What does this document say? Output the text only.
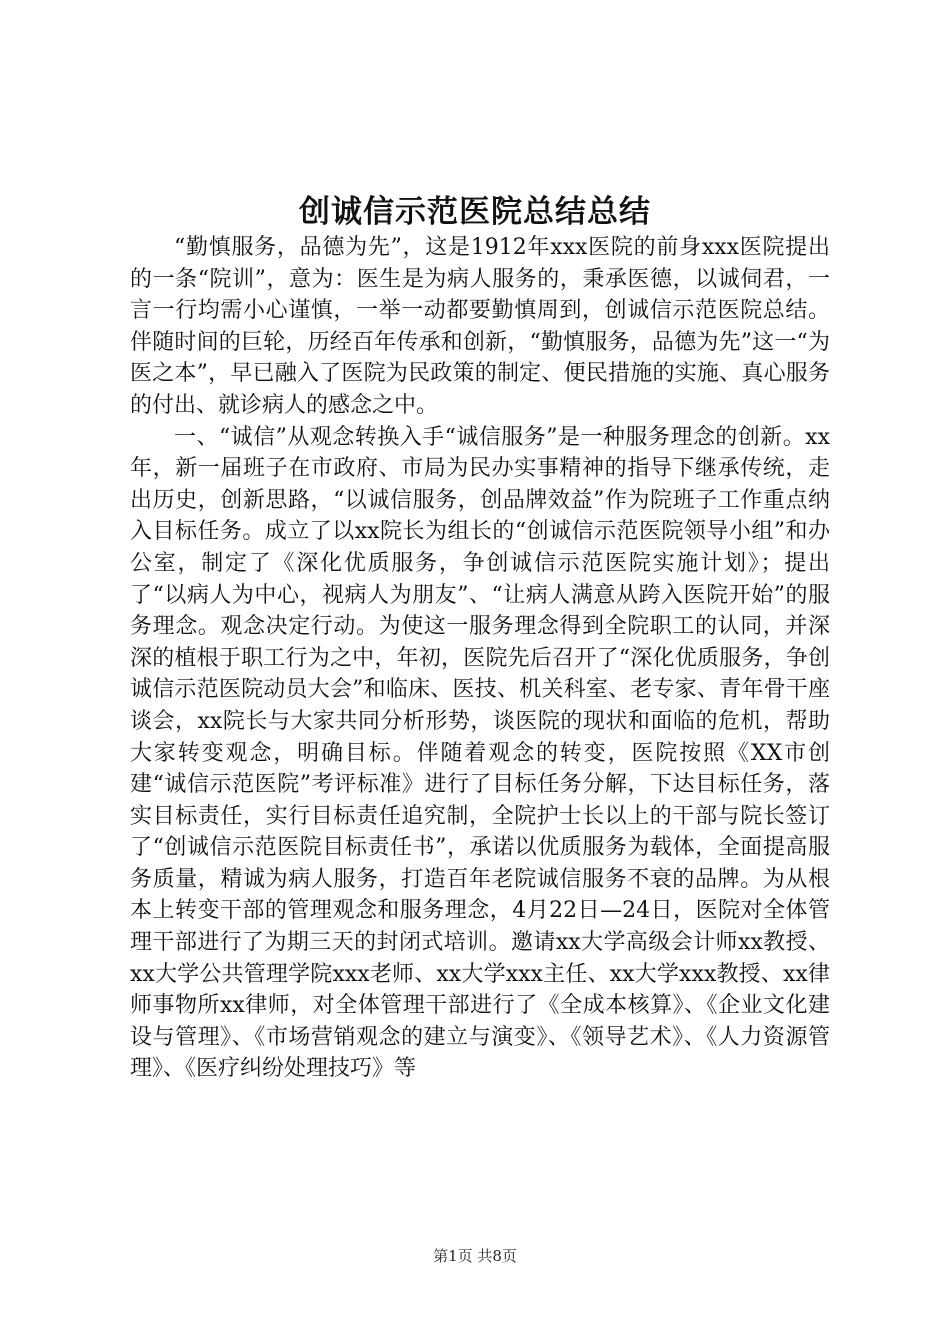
创诚信示范医院总结总结

“勤慎服务，品德为先”，这是1912年xxx医院的前身xxx医院提出的一条“院训”，意为：医生是为病人服务的，秉承医德，以诚伺君，一言一行均需小心谨慎，一举一动都要勤慎周到，创诚信示范医院总结。伴随时间的巨轮，历经百年传承和创新，“勤慎服务，品德为先”这一“为医之本”，早已融入了医院为民政策的制定、便民措施的实施、真心服务的付出、就诊病人的感念之中。

一、“诚信”从观念转换入手“诚信服务”是一种服务理念的创新。xx年，新一届班子在市政府、市局为民办实事精神的指导下继承传统，走出历史，创新思路，“以诚信服务，创品牌效益”作为院班子工作重点纳入目标任务。成立了以xx院长为组长的“创诚信示范医院领导小组”和办公室，制定了《深化优质服务，争创诚信示范医院实施计划》；提出了“以病人为中心，视病人为朋友”、“让病人满意从跨入医院开始”的服务理念。观念决定行动。为使这一服务理念得到全院职工的认同，并深深的植根于职工行为之中，年初，医院先后召开了“深化优质服务，争创诚信示范医院动员大会”和临床、医技、机关科室、老专家、青年骨干座谈会，xx院长与大家共同分析形势，谈医院的现状和面临的危机，帮助大家转变观念，明确目标。伴随着观念的转变，医院按照《XX市创建“诚信示范医院”考评标准》进行了目标任务分解，下达目标任务，落实目标责任，实行目标责任追究制，全院护士长以上的干部与院长签订了“创诚信示范医院目标责任书”，承诺以优质服务为载体，全面提高服务质量，精诚为病人服务，打造百年老院诚信服务不衰的品牌。为从根本上转变干部的管理观念和服务理念，4月22日—24日，医院对全体管理干部进行了为期三天的封闭式培训。邀请xx大学高级会计师xx教授、xx大学公共管理学院xxx老师、xx大学xxx主任、xx大学xxx教授、xx律师事物所xx律师，对全体管理干部进行了《全成本核算》、《企业文化建设与管理》、《市场营销观念的建立与演变》、《领导艺术》、《人力资源管理》、《医疗纠纷处理技巧》等

第1页 共8页
